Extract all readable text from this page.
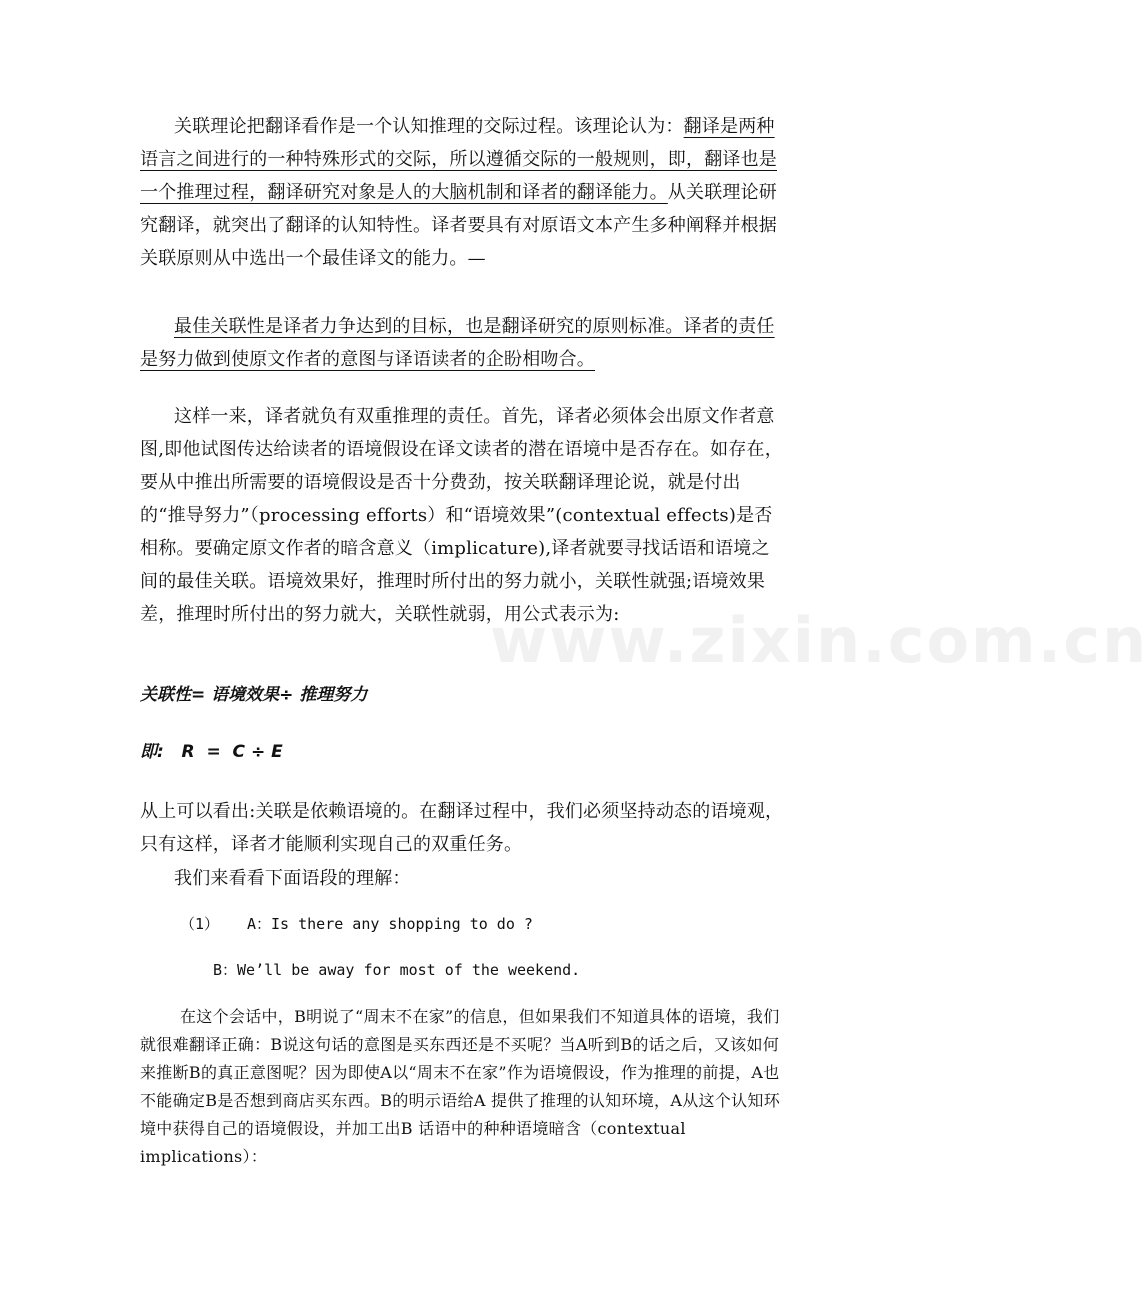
关联理论把翻译看作是一个认知推理的交际过程。该理论认为：翻译是两种语言之间进行的一种特殊形式的交际，所以遵循交际的一般规则，即，翻译也是一个推理过程，翻译研究对象是人的大脑机制和译者的翻译能力。从关联理论研究翻译，就突出了翻译的认知特性。译者要具有对原语文本产生多种阐释并根据关联原则从中选出一个最佳译文的能力。—

最佳关联性是译者力争达到的目标，也是翻译研究的原则标准。译者的责任是努力做到使原文作者的意图与译语读者的企盼相吻合。

这样一来，译者就负有双重推理的责任。首先，译者必须体会出原文作者意图,即他试图传达给读者的语境假设在译文读者的潜在语境中是否存在。如存在，要从中推出所需要的语境假设是否十分费劲，按关联翻译理论说，就是付出的“推导努力”（processing efforts）和“语境效果”(contextual effects)是否相称。要确定原文作者的暗含意义（implicature),译者就要寻找话语和语境之间的最佳关联。语境效果好，推理时所付出的努力就小，关联性就强;语境效果差，推理时所付出的努力就大，关联性就弱，用公式表示为:

关联性= 语境效果÷ 推理努力

即:   R  =  C ÷ E

从上可以看出:关联是依赖语境的。在翻译过程中，我们必须坚持动态的语境观，只有这样，译者才能顺利实现自己的双重任务。

我们来看看下面语段的理解：

（1） A：Is there any shopping to do ?

B：We’ll be away for most of the weekend.

在这个会话中，B明说了“周末不在家”的信息，但如果我们不知道具体的语境，我们就很难翻译正确：B说这句话的意图是买东西还是不买呢？当A听到B的话之后，又该如何来推断B的真正意图呢？因为即使A以“周末不在家”作为语境假设，作为推理的前提，A也不能确定B是否想到商店买东西。B的明示语给A 提供了推理的认知环境，A从这个认知环境中获得自己的语境假设，并加工出B 话语中的种种语境暗含（contextual implications）：

www.zixin.com.cn
